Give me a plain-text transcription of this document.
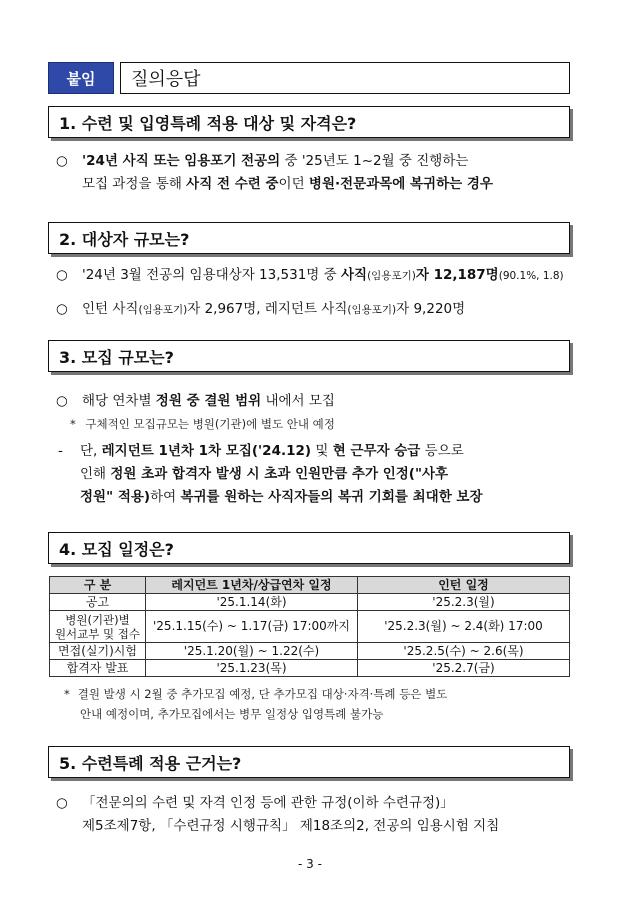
붙임	질의응답
1. 수련 및 입영특례 적용 대상 및 자격은?
○ '24년 사직 또는 임용포기 전공의 중 '25년도 1~2월 중 진행하는
모집 과정을 통해 사직 전 수련 중이던 병원·전문과목에 복귀하는 경우
2. 대상자 규모는?
○ '24년 3월 전공의 임용대상자 13,531명 중 사직(임용포기)자 12,187명(90.1%, 1.8)
○ 인턴 사직(임용포기)자 2,967명, 레지던트 사직(임용포기)자 9,220명
3. 모집 규모는?
○ 해당 연차별 정원 중 결원 범위 내에서 모집
* 구체적인 모집규모는 병원(기관)에 별도 안내 예정
- 단, 레지던트 1년차 1차 모집('24.12) 및 현 근무자 승급 등으로
인해 정원 초과 합격자 발생 시 초과 인원만큼 추가 인정("사후
정원" 적용)하여 복귀를 원하는 사직자들의 복귀 기회를 최대한 보장
4. 모집 일정은?
구 분	레지던트 1년차/상급연차 일정	인턴 일정
공고	'25.1.14(화)	'25.2.3(월)
병원(기관)별
원서교부 및 접수	'25.1.15(수) ~ 1.17(금) 17:00까지	'25.2.3(월) ~ 2.4(화) 17:00
면접(실기)시험	'25.1.20(월) ~ 1.22(수)	'25.2.5(수) ~ 2.6(목)
합격자 발표	'25.1.23(목)	'25.2.7(금)
* 결원 발생 시 2월 중 추가모집 예정, 단 추가모집 대상·자격·특례 등은 별도
안내 예정이며, 추가모집에서는 병무 일정상 입영특례 불가능
5. 수련특례 적용 근거는?
○ 「전문의의 수련 및 자격 인정 등에 관한 규정(이하 수련규정)」
제5조제7항, 「수련규정 시행규칙」 제18조의2, 전공의 임용시험 지침
- 3 -
